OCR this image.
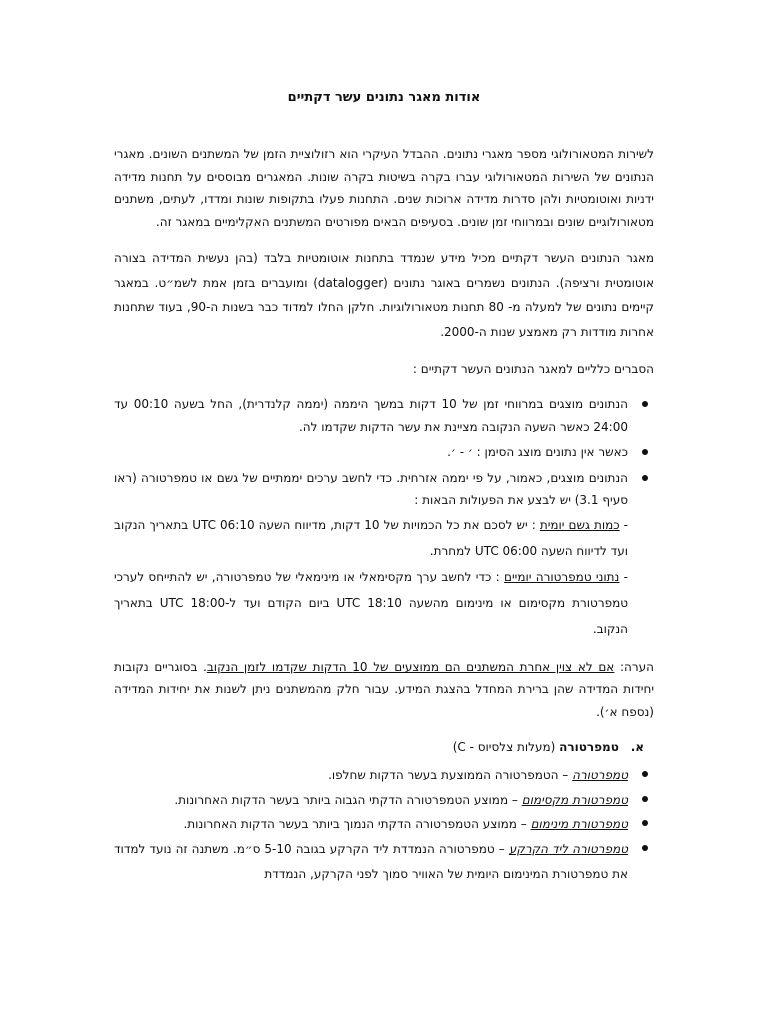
אודות מאגר נתונים עשר דקתיים

לשירות המטאורולוגי מספר מאגרי נתונים. ההבדל העיקרי הוא רזולוציית הזמן של המשתנים השונים. מאגרי הנתונים של השירות המטאורולוגי עברו בקרה בשיטות בקרה שונות. המאגרים מבוססים על תחנות מדידה ידניות ואוטומטיות ולהן סדרות מדידה ארוכות שנים. התחנות פעלו בתקופות שונות ומדדו, לעתים, משתנים מטאורולוגיים שונים ובמרווחי זמן שונים. בסעיפים הבאים מפורטים המשתנים האקלימיים במאגר זה.

מאגר הנתונים העשר דקתיים מכיל מידע שנמדד בתחנות אוטומטיות בלבד (בהן נעשית המדידה בצורה אוטומטית ורציפה). הנתונים נשמרים באוגר נתונים (datalogger) ומועברים בזמן אמת לשמ״ט. במאגר קיימים נתונים של למעלה מ- 80 תחנות מטאורולוגיות. חלקן החלו למדוד כבר בשנות ה-90, בעוד שתחנות אחרות מודדות רק מאמצע שנות ה-2000.

הסברים כלליים למאגר הנתונים העשר דקתיים :

הנתונים מוצגים במרווחי זמן של 10 דקות במשך היממה (יממה קלנדרית), החל בשעה 00:10 עד 24:00 כאשר השעה הנקובה מציינת את עשר הדקות שקדמו לה.
כאשר אין נתונים מוצג הסימן : ׳ - ׳.
הנתונים מוצגים, כאמור, על פי יממה אזרחית. כדי לחשב ערכים יממתיים של גשם או טמפרטורה (ראו סעיף 3.1) יש לבצע את הפעולות הבאות :
- כמות גשם יומית : יש לסכם את כל הכמויות של 10 דקות, מדיווח השעה UTC 06:10 בתאריך הנקוב ועד לדיווח השעה UTC 06:00 למחרת.
- נתוני טמפרטורה יומיים : כדי לחשב ערך מקסימאלי או מינימאלי של טמפרטורה, יש להתייחס לערכי טמפרטורת מקסימום או מינימום מהשעה UTC 18:10 ביום הקודם ועד ל-UTC 18:00 בתאריך הנקוב.

הערה: אם לא צוין אחרת המשתנים הם ממוצעים של 10 הדקות שקדמו לזמן הנקוב. בסוגריים נקובות יחידות המדידה שהן ברירת המחדל בהצגת המידע. עבור חלק מהמשתנים ניתן לשנות את יחידות המדידה (נספח א׳).

א. טמפרטורה (מעלות צלסיוס - C)
טמפרטורה – הטמפרטורה הממוצעת בעשר הדקות שחלפו.
טמפרטורת מקסימום – ממוצע הטמפרטורה הדקתי הגבוה ביותר בעשר הדקות האחרונות.
טמפרטורת מינימום – ממוצע הטמפרטורה הדקתי הנמוך ביותר בעשר הדקות האחרונות.
טמפרטורה ליד הקרקע – טמפרטורה הנמדדת ליד הקרקע בגובה 5-10 ס״מ. משתנה זה נועד למדוד את טמפרטורת המינימום היומית של האוויר סמוך לפני הקרקע, הנמדדת
